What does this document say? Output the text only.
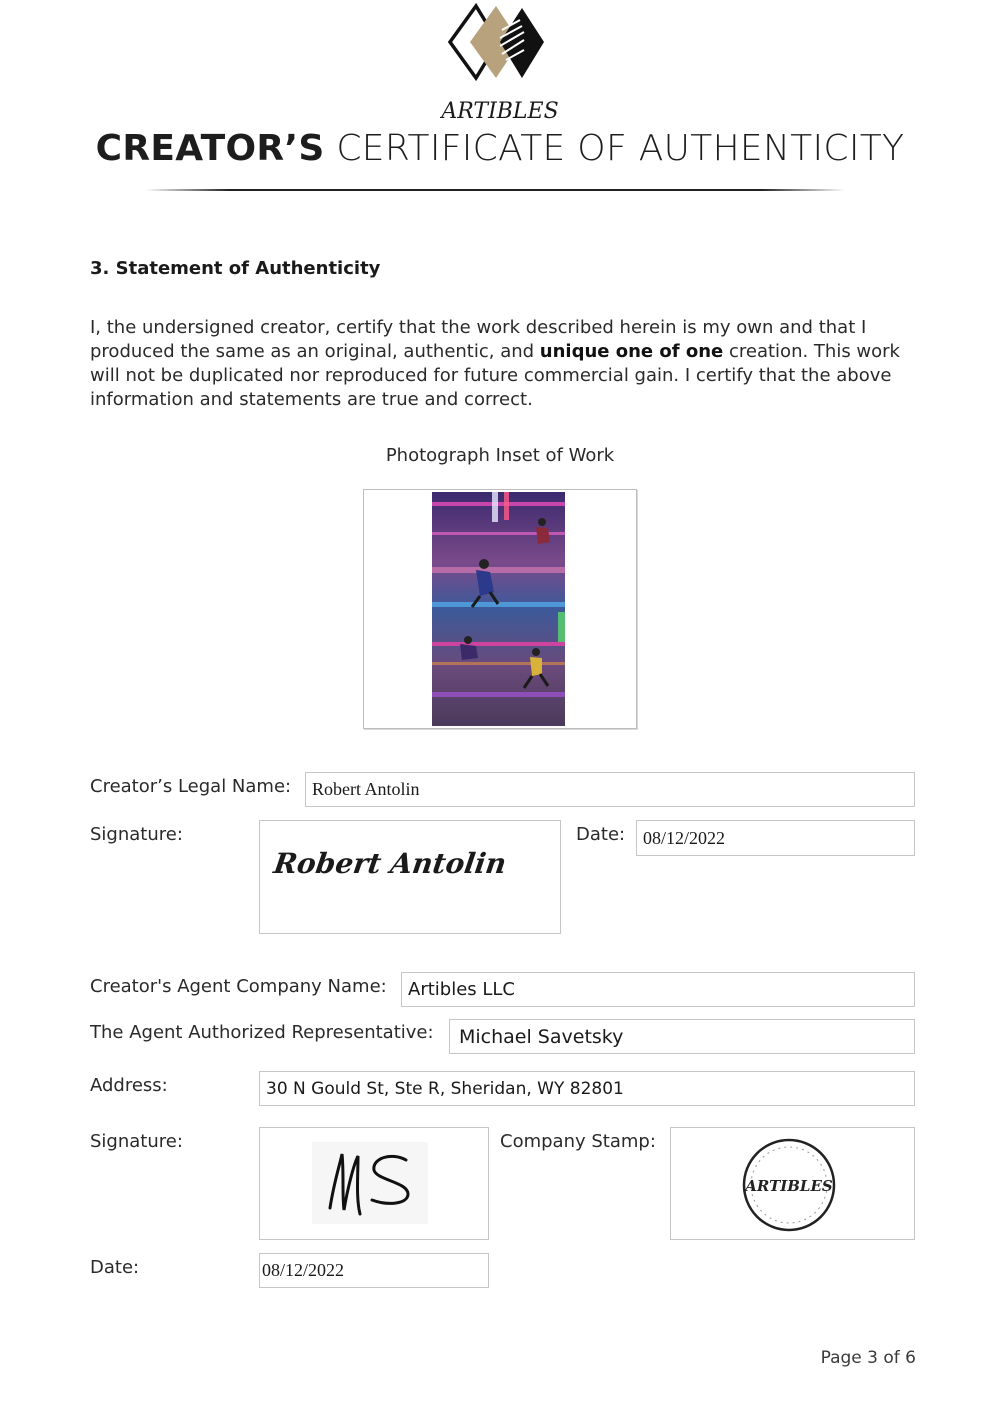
ARTIBLES
CREATOR’S CERTIFICATE OF AUTHENTICITY
3. Statement of Authenticity
I, the undersigned creator, certify that the work described herein is my own and that I produced the same as an original, authentic, and unique one of one creation. This work will not be duplicated nor reproduced for future commercial gain. I certify that the above information and statements are true and correct.
Photograph Inset of Work
Creator’s Legal Name:	Robert Antolin
Signature:
Robert Antolin
Date: 08/12/2022
Creator's Agent Company Name:	Artibles LLC
The Agent Authorized Representative:	Michael Savetsky
Address:	30 N Gould St, Ste R, Sheridan, WY 82801
Signature:	Company Stamp:
ARTIBLES
Date:	08/12/2022
Page 3 of 6
